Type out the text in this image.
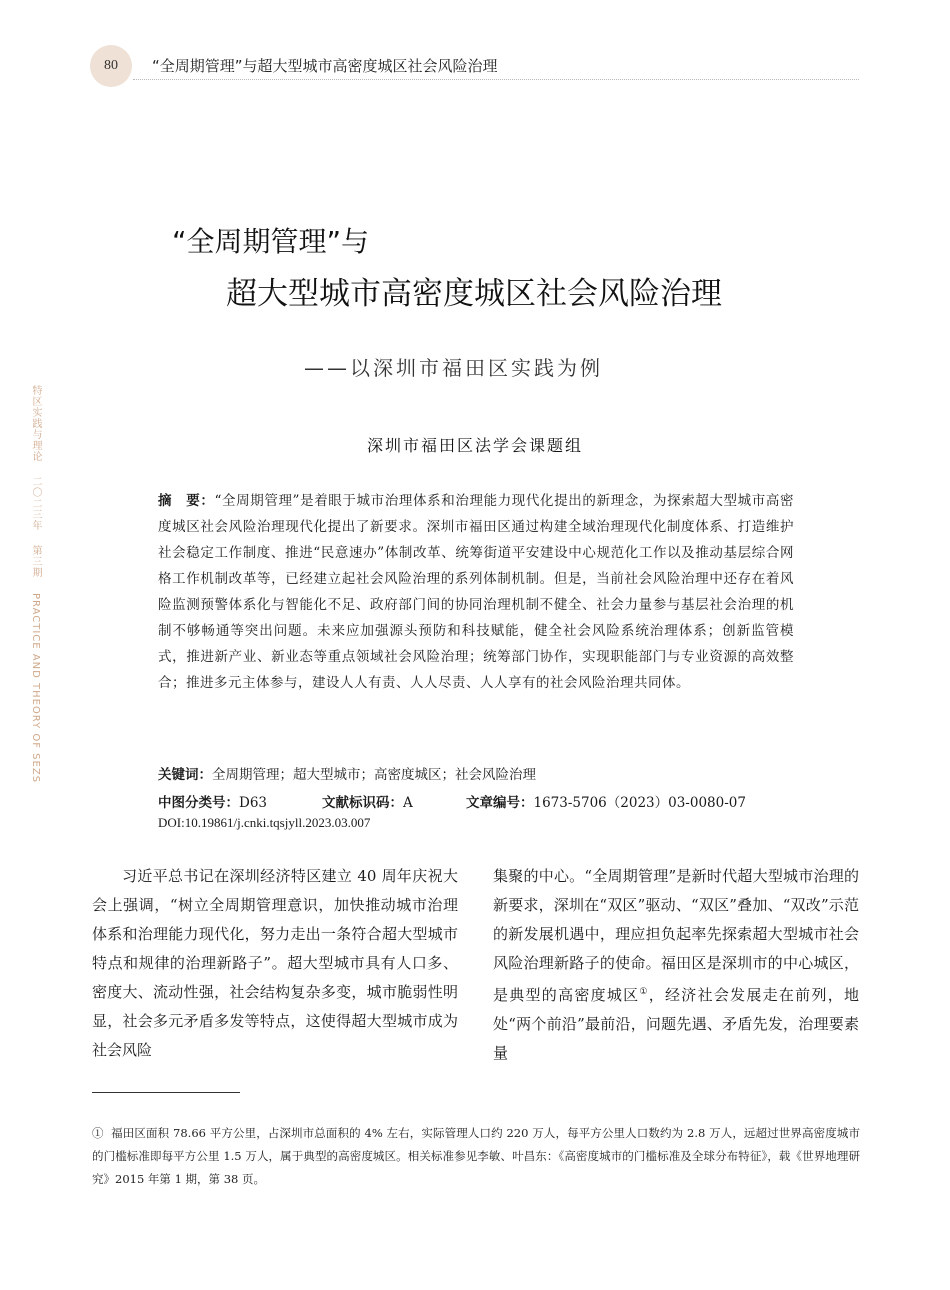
80	“全周期管理”与超大型城市高密度城区社会风险治理
特区实践与理论 二〇二三年 第三期 PRACTICE AND THEORY OF SEZS
“全周期管理”与
超大型城市高密度城区社会风险治理
——以深圳市福田区实践为例
深圳市福田区法学会课题组
摘　要：“全周期管理”是着眼于城市治理体系和治理能力现代化提出的新理念，为探索超大型城市高密度城区社会风险治理现代化提出了新要求。深圳市福田区通过构建全域治理现代化制度体系、打造维护社会稳定工作制度、推进“民意速办”体制改革、统筹街道平安建设中心规范化工作以及推动基层综合网格工作机制改革等，已经建立起社会风险治理的系列体制机制。但是，当前社会风险治理中还存在着风险监测预警体系化与智能化不足、政府部门间的协同治理机制不健全、社会力量参与基层社会治理的机制不够畅通等突出问题。未来应加强源头预防和科技赋能，健全社会风险系统治理体系；创新监管模式，推进新产业、新业态等重点领域社会风险治理；统筹部门协作，实现职能部门与专业资源的高效整合；推进多元主体参与，建设人人有责、人人尽责、人人享有的社会风险治理共同体。
关键词：全周期管理；超大型城市；高密度城区；社会风险治理
中图分类号：D63	文献标识码：A	文章编号：1673-5706（2023）03-0080-07
DOI:10.19861/j.cnki.tqsjyll.2023.03.007

习近平总书记在深圳经济特区建立 40 周年庆祝大会上强调，“树立全周期管理意识，加快推动城市治理体系和治理能力现代化，努力走出一条符合超大型城市特点和规律的治理新路子”。超大型城市具有人口多、密度大、流动性强，社会结构复杂多变，城市脆弱性明显，社会多元矛盾多发等特点，这使得超大型城市成为社会风险

集聚的中心。“全周期管理”是新时代超大型城市治理的新要求，深圳在“双区”驱动、“双区”叠加、“双改”示范的新发展机遇中，理应担负起率先探索超大型城市社会风险治理新路子的使命。福田区是深圳市的中心城区，是典型的高密度城区①，经济社会发展走在前列，地处“两个前沿”最前沿，问题先遇、矛盾先发，治理要素量

① 福田区面积 78.66 平方公里，占深圳市总面积的 4% 左右，实际管理人口约 220 万人，每平方公里人口数约为 2.8 万人，远超过世界高密度城市的门槛标准即每平方公里 1.5 万人，属于典型的高密度城区。相关标准参见李敏、叶昌东：《高密度城市的门槛标准及全球分布特征》，载《世界地理研究》2015 年第 1 期，第 38 页。
